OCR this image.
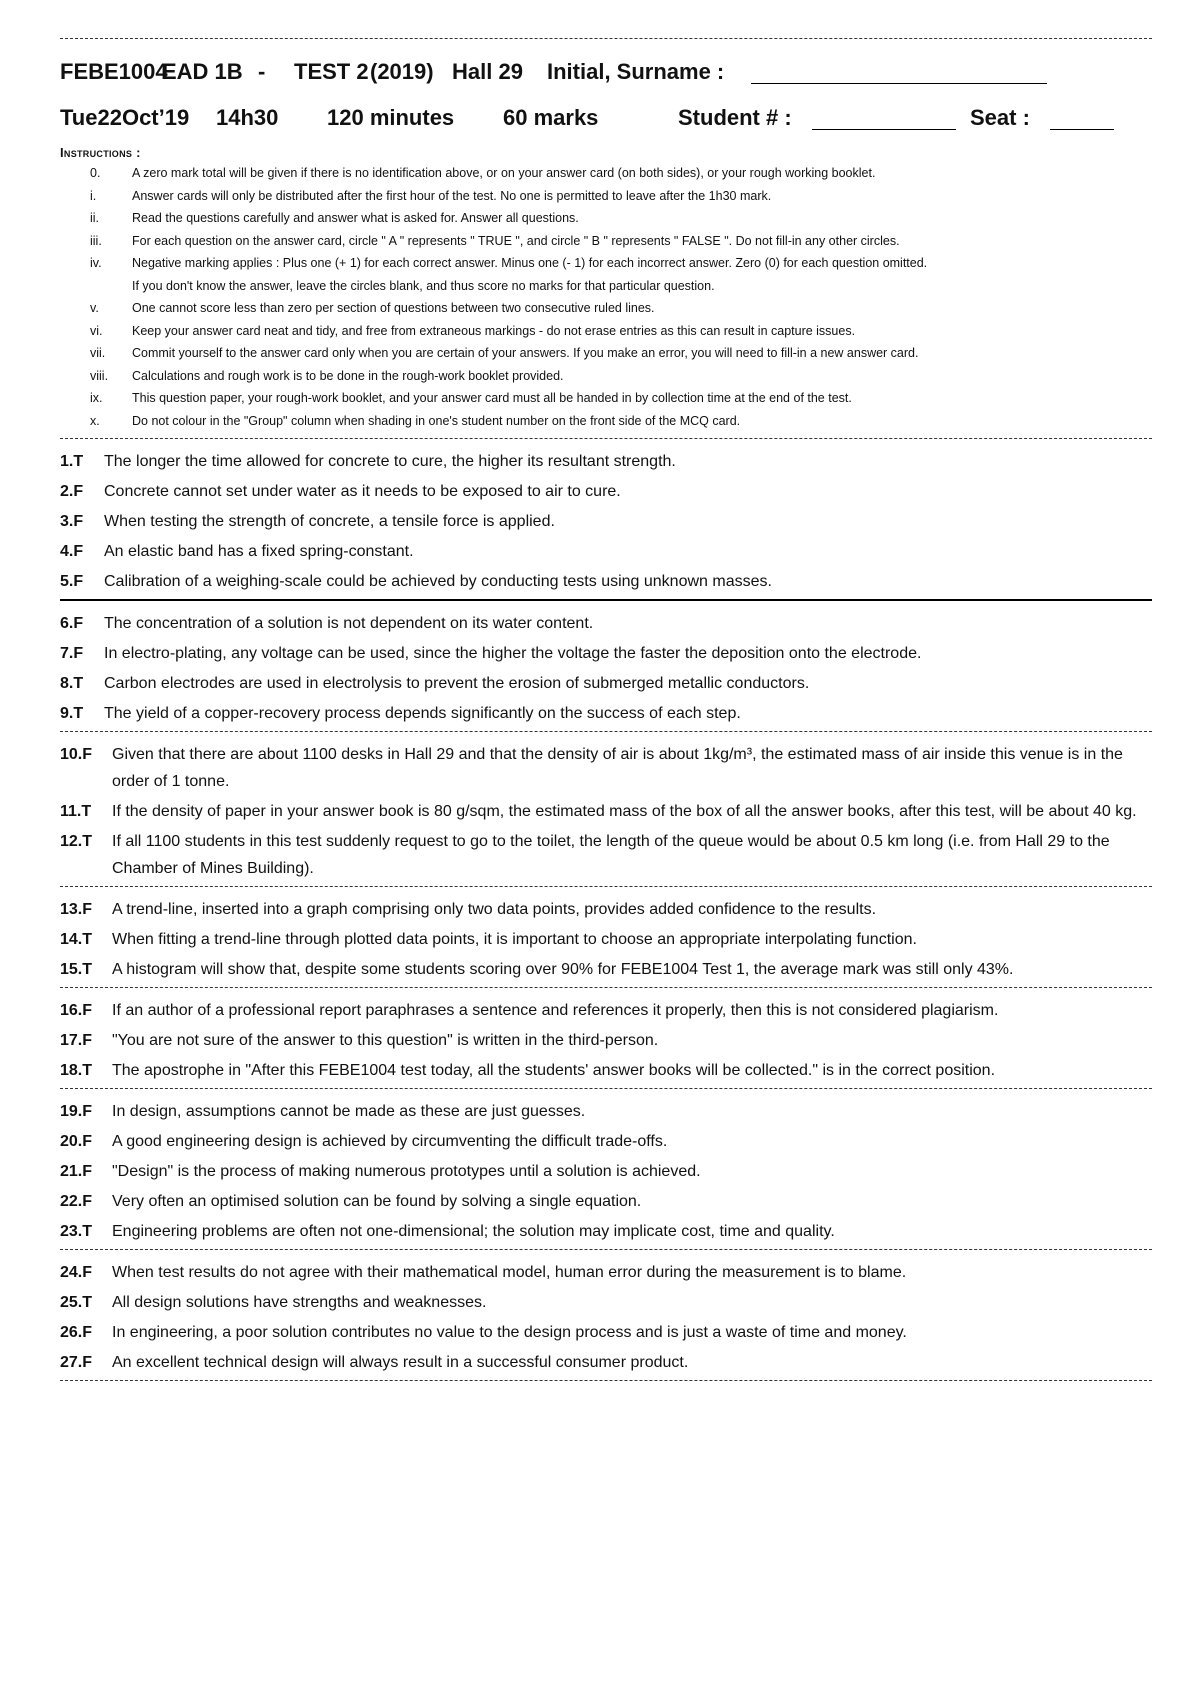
FEBE1004
EAD 1B -	TEST 2 (2019) Hall 29	Initial, Surname :
Tue22Oct’19	14h30	120 minutes	60 marks	Student # :	Seat :
Instructions :
0.	A zero mark total will be given if there is no identification above, or on your answer card (on both sides), or your rough working booklet.
i.	Answer cards will only be distributed after the first hour of the test. No one is permitted to leave after the 1h30 mark.
ii.	Read the questions carefully and answer what is asked for. Answer all questions.
iii.	For each question on the answer card, circle " A " represents " TRUE ", and circle " B " represents " FALSE ". Do not fill-in any other circles.
iv.	Negative marking applies : Plus one (+ 1) for each correct answer. Minus one (- 1) for each incorrect answer. Zero (0) for each question omitted.
If you don't know the answer, leave the circles blank, and thus score no marks for that particular question.
v.	One cannot score less than zero per section of questions between two consecutive ruled lines.
vi.	Keep your answer card neat and tidy, and free from extraneous markings - do not erase entries as this can result in capture issues.
vii.	Commit yourself to the answer card only when you are certain of your answers. If you make an error, you will need to fill-in a new answer card.
viii.	Calculations and rough work is to be done in the rough-work booklet provided.
ix.	This question paper, your rough-work booklet, and your answer card must all be handed in by collection time at the end of the test.
x.	Do not colour in the "Group" column when shading in one's student number on the front side of the MCQ card.
1.T	The longer the time allowed for concrete to cure, the higher its resultant strength.
2.F	Concrete cannot set under water as it needs to be exposed to air to cure.
3.F	When testing the strength of concrete, a tensile force is applied.
4.F	An elastic band has a fixed spring-constant.
5.F	Calibration of a weighing-scale could be achieved by conducting tests using unknown masses.
6.F	The concentration of a solution is not dependent on its water content.
7.F	In electro-plating, any voltage can be used, since the higher the voltage the faster the deposition onto the electrode.
8.T	Carbon electrodes are used in electrolysis to prevent the erosion of submerged metallic conductors.
9.T	The yield of a copper-recovery process depends significantly on the success of each step.
10.F	Given that there are about 1100 desks in Hall 29 and that the density of air is about 1kg/m³, the estimated mass of air inside this venue is in the order of 1 tonne.
11.T	If the density of paper in your answer book is 80 g/sqm, the estimated mass of the box of all the answer books, after this test, will be about 40 kg.
12.T	If all 1100 students in this test suddenly request to go to the toilet, the length of the queue would be about 0.5 km long (i.e. from Hall 29 to the Chamber of Mines Building).
13.F	A trend-line, inserted into a graph comprising only two data points, provides added confidence to the results.
14.T	When fitting a trend-line through plotted data points, it is important to choose an appropriate interpolating function.
15.T	A histogram will show that, despite some students scoring over 90% for FEBE1004 Test 1, the average mark was still only 43%.
16.F	If an author of a professional report paraphrases a sentence and references it properly, then this is not considered plagiarism.
17.F	"You are not sure of the answer to this question" is written in the third-person.
18.T	The apostrophe in "After this FEBE1004 test today, all the students' answer books will be collected." is in the correct position.
19.F	In design, assumptions cannot be made as these are just guesses.
20.F	A good engineering design is achieved by circumventing the difficult trade-offs.
21.F	"Design" is the process of making numerous prototypes until a solution is achieved.
22.F	Very often an optimised solution can be found by solving a single equation.
23.T	Engineering problems are often not one-dimensional; the solution may implicate cost, time and quality.
24.F	When test results do not agree with their mathematical model, human error during the measurement is to blame.
25.T	All design solutions have strengths and weaknesses.
26.F	In engineering, a poor solution contributes no value to the design process and is just a waste of time and money.
27.F	An excellent technical design will always result in a successful consumer product.
